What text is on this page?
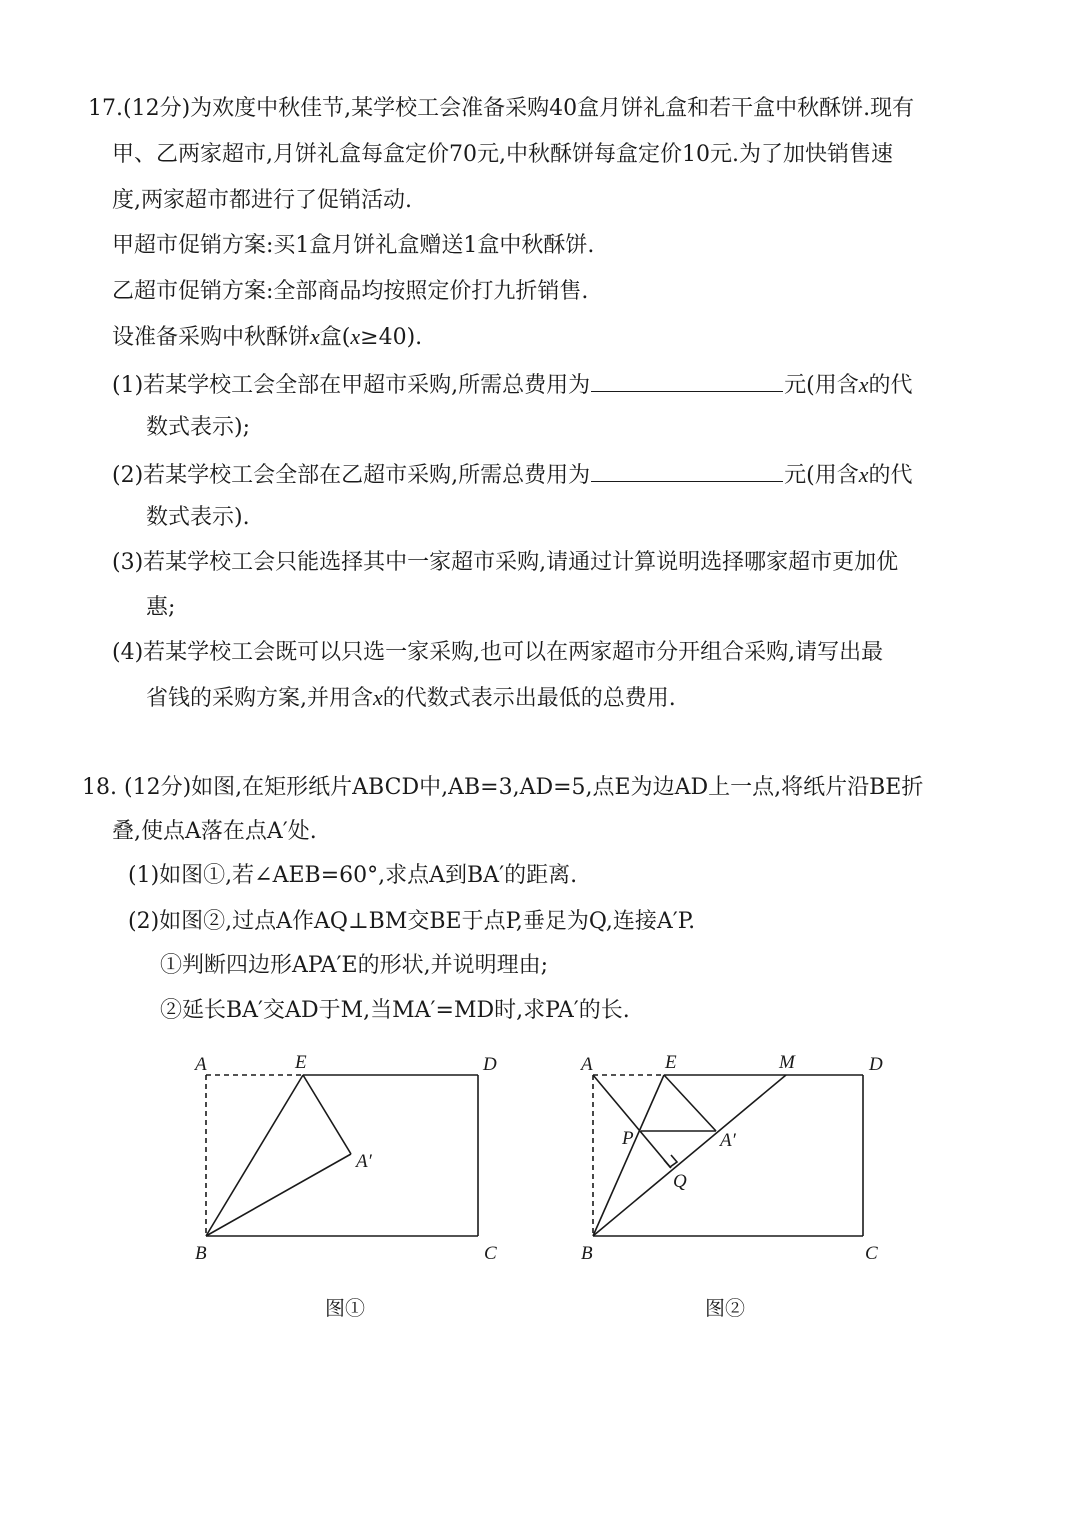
17.(12分)为欢度中秋佳节,某学校工会准备采购40盒月饼礼盒和若干盒中秋酥饼.现有
甲、乙两家超市,月饼礼盒每盒定价70元,中秋酥饼每盒定价10元.为了加快销售速
度,两家超市都进行了促销活动.
甲超市促销方案:买1盒月饼礼盒赠送1盒中秋酥饼.
乙超市促销方案:全部商品均按照定价打九折销售.
设准备采购中秋酥饼x盒(x≥40).
(1)若某学校工会全部在甲超市采购,所需总费用为	元(用含x的代
数式表示);
(2)若某学校工会全部在乙超市采购,所需总费用为	元(用含x的代
数式表示).
(3)若某学校工会只能选择其中一家超市采购,请通过计算说明选择哪家超市更加优
惠;
(4)若某学校工会既可以只选一家采购,也可以在两家超市分开组合采购,请写出最
省钱的采购方案,并用含x的代数式表示出最低的总费用.
18. (12分)如图,在矩形纸片ABCD中,AB=3,AD=5,点E为边AD上一点,将纸片沿BE折
叠,使点A落在点A′处.
(1)如图①,若∠AEB=60°,求点A到BA′的距离.
(2)如图②,过点A作AQ⊥BM交BE于点P,垂足为Q,连接A′P.
①判断四边形APA′E的形状,并说明理由;
②延长BA′交AD于M,当MA′=MD时,求PA′的长.
A	E	D
A′
B	C
图①
A	E	M	D
P	A′
Q
B	C
图②
